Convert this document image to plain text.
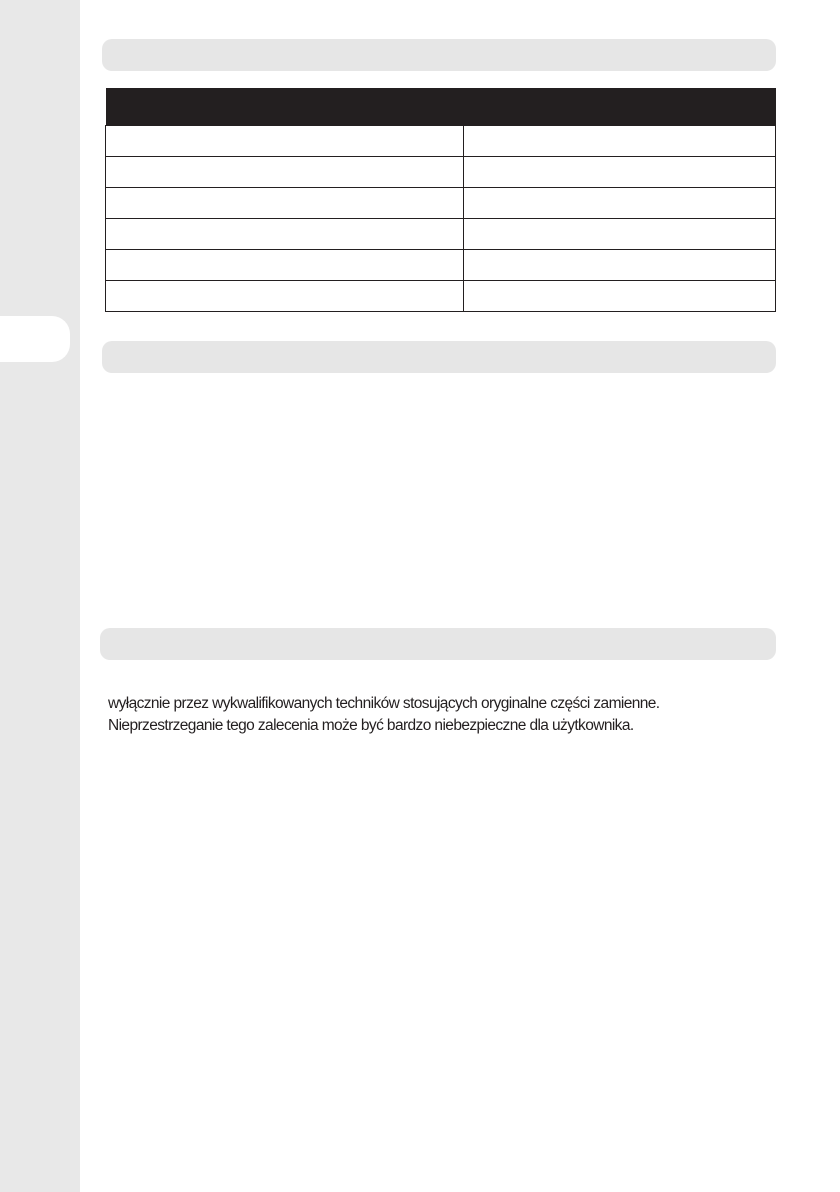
wyłącznie przez wykwalifikowanych techników stosujących oryginalne części zamienne.
Nieprzestrzeganie tego zalecenia może być bardzo niebezpieczne dla użytkownika.
